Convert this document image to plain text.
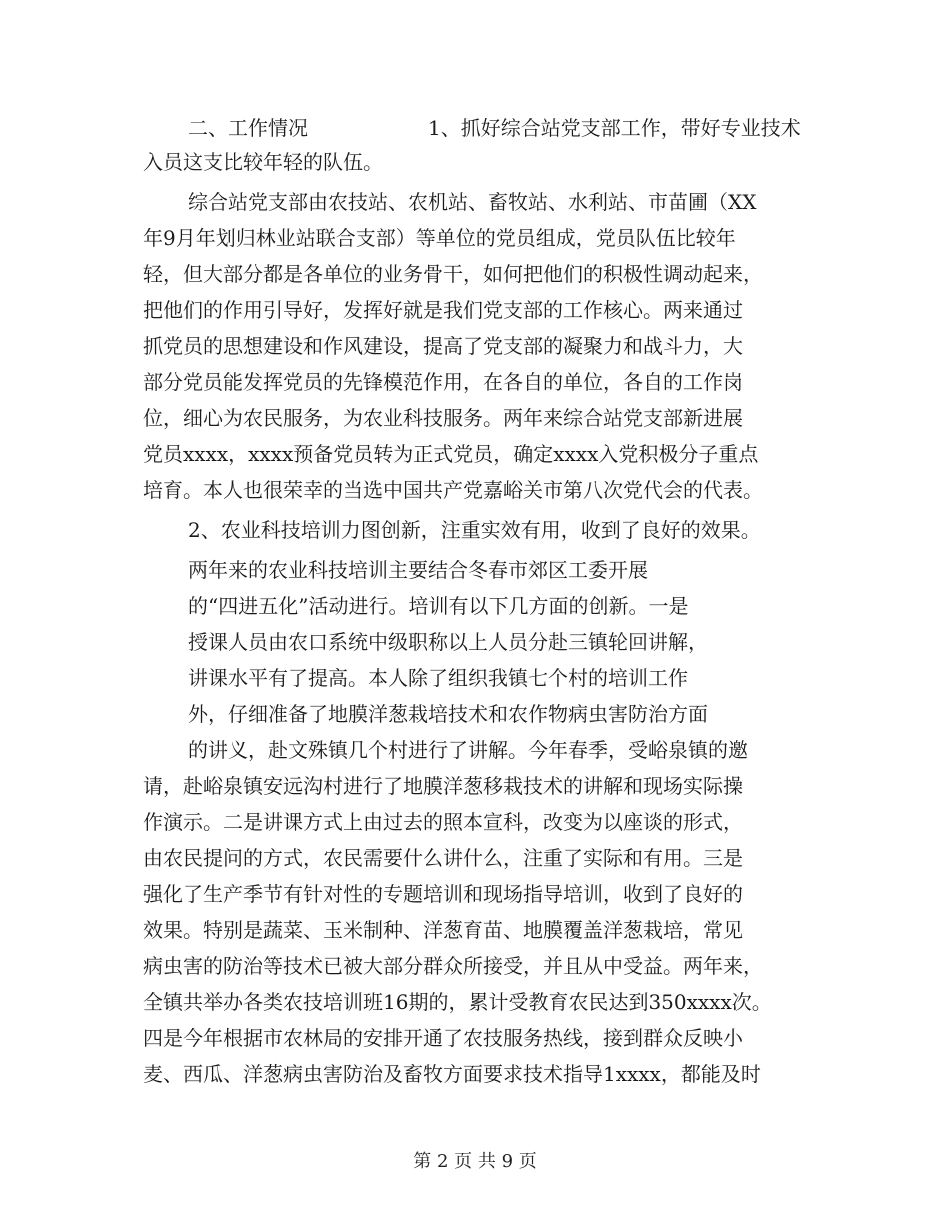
二、工作情况　　　　　　1、抓好综合站党支部工作，带好专业技术
入员这支比较年轻的队伍。
综合站党支部由农技站、农机站、畜牧站、水利站、市苗圃（XX
年9月年划归林业站联合支部）等单位的党员组成，党员队伍比较年
轻，但大部分都是各单位的业务骨干，如何把他们的积极性调动起来，
把他们的作用引导好，发挥好就是我们党支部的工作核心。两来通过
抓党员的思想建设和作风建设，提高了党支部的凝聚力和战斗力，大
部分党员能发挥党员的先锋模范作用，在各自的单位，各自的工作岗
位，细心为农民服务，为农业科技服务。两年来综合站党支部新进展
党员xxxx，xxxx预备党员转为正式党员，确定xxxx入党积极分子重点
培育。本人也很荣幸的当选中国共产党嘉峪关市第八次党代会的代表。
2、农业科技培训力图创新，注重实效有用，收到了良好的效果。
两年来的农业科技培训主要结合冬春市郊区工委开展
的“四进五化”活动进行。培训有以下几方面的创新。一是
授课人员由农口系统中级职称以上人员分赴三镇轮回讲解，
讲课水平有了提高。本人除了组织我镇七个村的培训工作
外，仔细准备了地膜洋葱栽培技术和农作物病虫害防治方面
的讲义，赴文殊镇几个村进行了讲解。今年春季，受峪泉镇的邀
请，赴峪泉镇安远沟村进行了地膜洋葱移栽技术的讲解和现场实际操
作演示。二是讲课方式上由过去的照本宣科，改变为以座谈的形式，
由农民提问的方式，农民需要什么讲什么，注重了实际和有用。三是
强化了生产季节有针对性的专题培训和现场指导培训，收到了良好的
效果。特别是蔬菜、玉米制种、洋葱育苗、地膜覆盖洋葱栽培，常见
病虫害的防治等技术已被大部分群众所接受，并且从中受益。两年来，
全镇共举办各类农技培训班16期的，累计受教育农民达到350xxxx次。
四是今年根据市农林局的安排开通了农技服务热线，接到群众反映小
麦、西瓜、洋葱病虫害防治及畜牧方面要求技术指导1xxxx，都能及时
第 2 页 共 9 页
